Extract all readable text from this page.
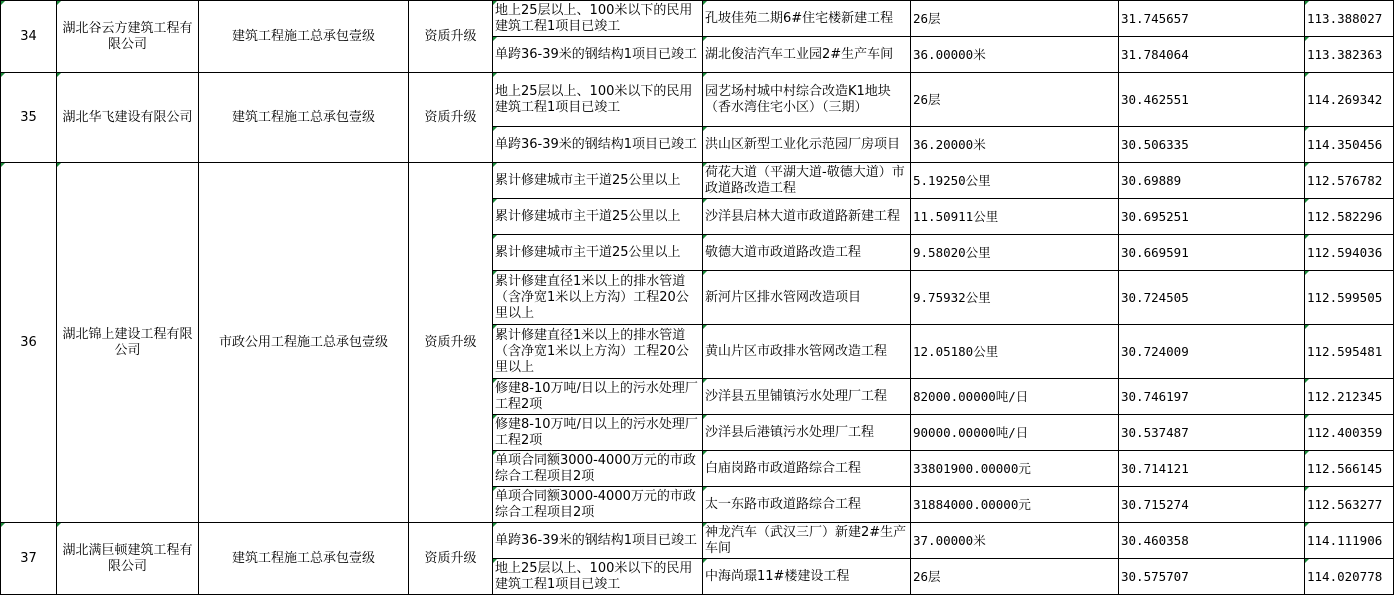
34	湖北谷云方建筑工程有限公司	建筑工程施工总承包壹级	资质升级	地上25层以上、100米以下的民用建筑工程1项目已竣工	孔坡佳苑二期6#住宅楼新建工程	26层	31.745657	113.388027
				单跨36-39米的钢结构1项目已竣工	湖北俊洁汽车工业园2#生产车间	36.00000米	31.784064	113.382363
35	湖北华飞建设有限公司	建筑工程施工总承包壹级	资质升级	地上25层以上、100米以下的民用建筑工程1项目已竣工	园艺场村城中村综合改造K1地块（香水湾住宅小区）（三期）	26层	30.462551	114.269342
				单跨36-39米的钢结构1项目已竣工	洪山区新型工业化示范园厂房项目	36.20000米	30.506335	114.350456
36	湖北锦上建设工程有限公司	市政公用工程施工总承包壹级	资质升级	累计修建城市主干道25公里以上	荷花大道（平湖大道-敬德大道）市政道路改造工程	5.19250公里	30.69889	112.576782
				累计修建城市主干道25公里以上	沙洋县启林大道市政道路新建工程	11.50911公里	30.695251	112.582296
				累计修建城市主干道25公里以上	敬德大道市政道路改造工程	9.58020公里	30.669591	112.594036
				累计修建直径1米以上的排水管道（含净宽1米以上方沟）工程20公里以上	新河片区排水管网改造项目	9.75932公里	30.724505	112.599505
				累计修建直径1米以上的排水管道（含净宽1米以上方沟）工程20公里以上	黄山片区市政排水管网改造工程	12.05180公里	30.724009	112.595481
				修建8-10万吨/日以上的污水处理厂工程2项	沙洋县五里铺镇污水处理厂工程	82000.00000吨/日	30.746197	112.212345
				修建8-10万吨/日以上的污水处理厂工程2项	沙洋县后港镇污水处理厂工程	90000.00000吨/日	30.537487	112.400359
				单项合同额3000-4000万元的市政综合工程项目2项	白庙岗路市政道路综合工程	33801900.00000元	30.714121	112.566145
				单项合同额3000-4000万元的市政综合工程项目2项	太一东路市政道路综合工程	31884000.00000元	30.715274	112.563277
37	湖北满巨顿建筑工程有限公司	建筑工程施工总承包壹级	资质升级	单跨36-39米的钢结构1项目已竣工	神龙汽车（武汉三厂）新建2#生产车间	37.00000米	30.460358	114.111906
				地上25层以上、100米以下的民用建筑工程1项目已竣工	中海尚璟11#楼建设工程	26层	30.575707	114.020778
